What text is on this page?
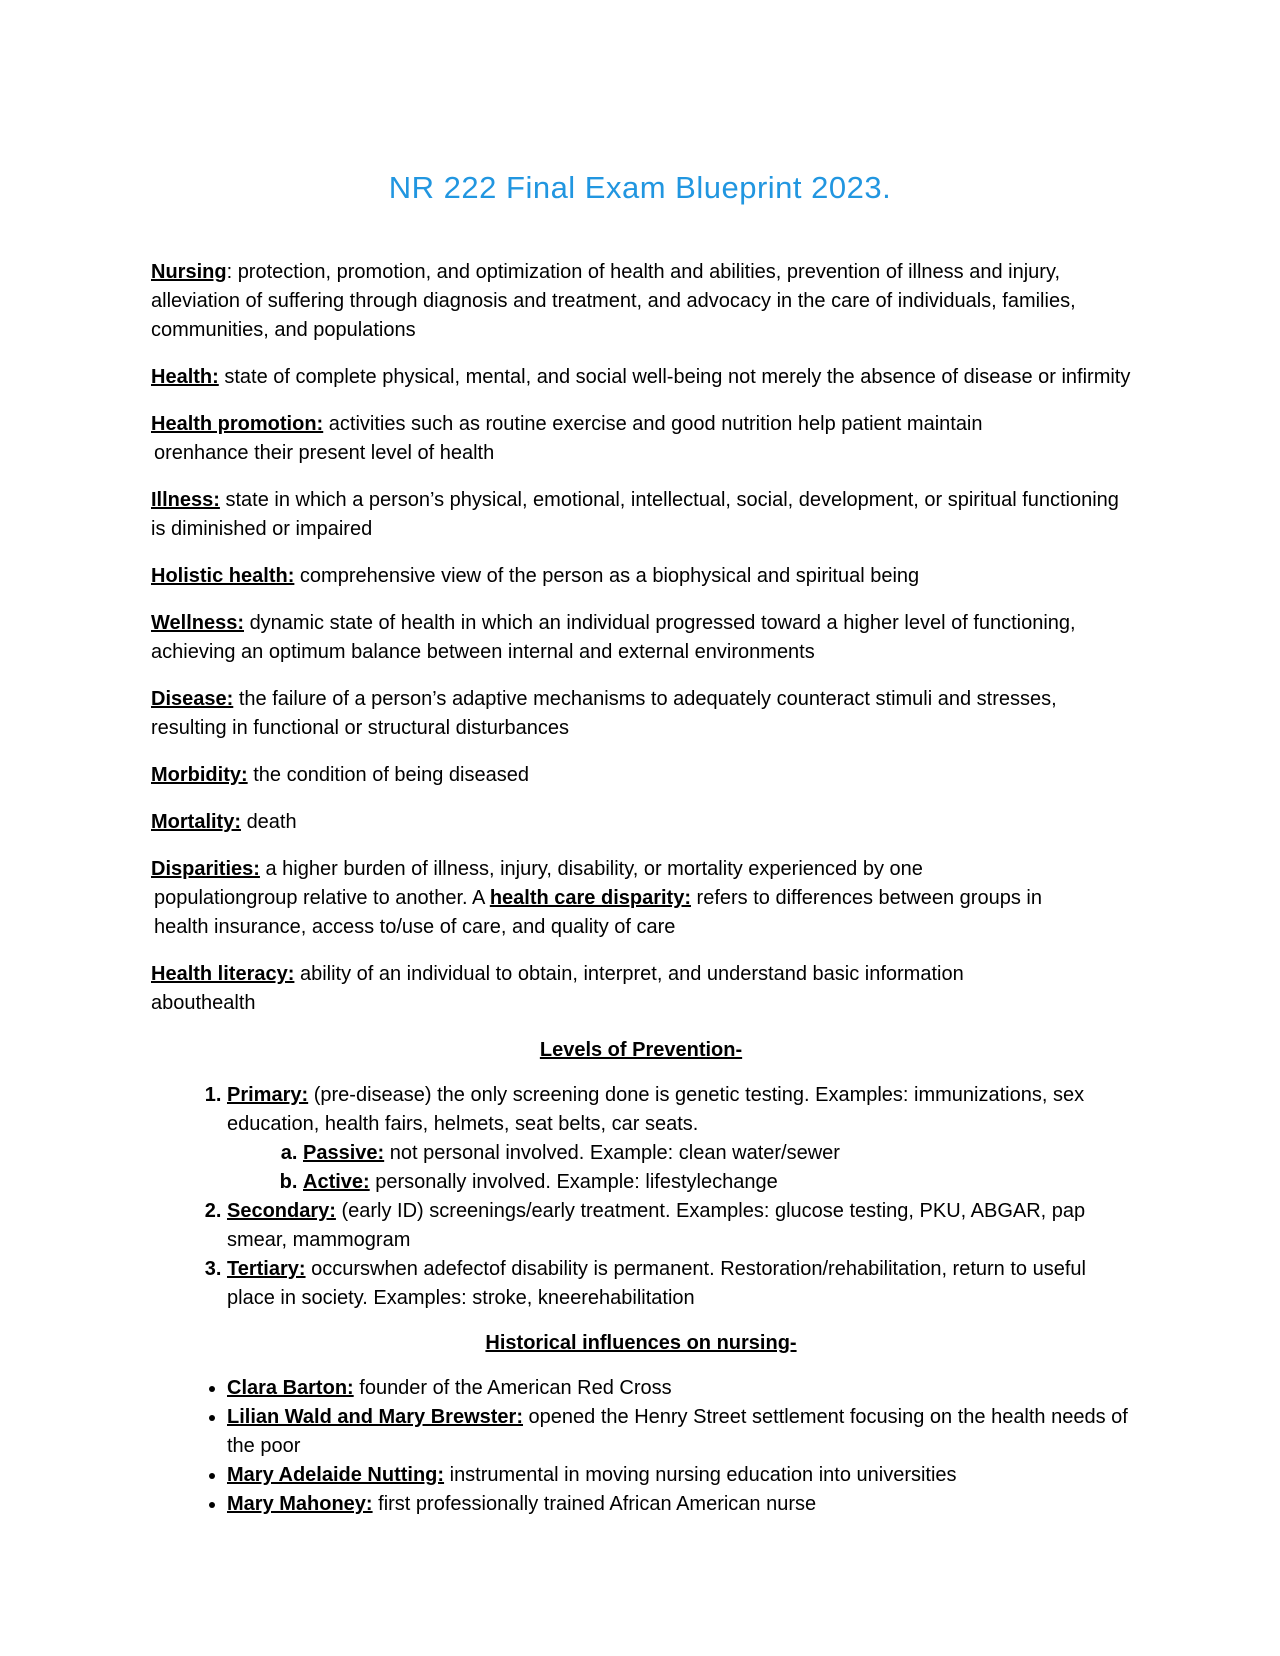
NR 222 Final Exam Blueprint 2023.

Nursing: protection, promotion, and optimization of health and abilities, prevention of illness and injury, alleviation of suffering through diagnosis and treatment, and advocacy in the care of individuals, families, communities, and populations

Health: state of complete physical, mental, and social well-being not merely the absence of disease or infirmity

Health promotion: activities such as routine exercise and good nutrition help patient maintain
orenhance their present level of health

Illness: state in which a person’s physical, emotional, intellectual, social, development, or spiritual functioning is diminished or impaired

Holistic health: comprehensive view of the person as a biophysical and spiritual being

Wellness: dynamic state of health in which an individual progressed toward a higher level of functioning, achieving an optimum balance between internal and external environments

Disease: the failure of a person’s adaptive mechanisms to adequately counteract stimuli and stresses, resulting in functional or structural disturbances

Morbidity: the condition of being diseased

Mortality: death

Disparities: a higher burden of illness, injury, disability, or mortality experienced by one
populationgroup relative to another. A health care disparity: refers to differences between groups in
health insurance, access to/use of care, and quality of care

Health literacy: ability of an individual to obtain, interpret, and understand basic information
abouthealth

Levels of Prevention-
1. Primary: (pre-disease) the only screening done is genetic testing. Examples: immunizations, sex education, health fairs, helmets, seat belts, car seats.
a. Passive: not personal involved. Example: clean water/sewer
b. Active: personally involved. Example: lifestylechange
2. Secondary: (early ID) screenings/early treatment. Examples: glucose testing, PKU, ABGAR, pap smear, mammogram
3. Tertiary: occurswhen adefectof disability is permanent. Restoration/rehabilitation, return to useful place in society. Examples: stroke, kneerehabilitation
Historical influences on nursing-
• Clara Barton: founder of the American Red Cross
• Lilian Wald and Mary Brewster: opened the Henry Street settlement focusing on the health needs of the poor
• Mary Adelaide Nutting: instrumental in moving nursing education into universities
• Mary Mahoney: first professionally trained African American nurse
